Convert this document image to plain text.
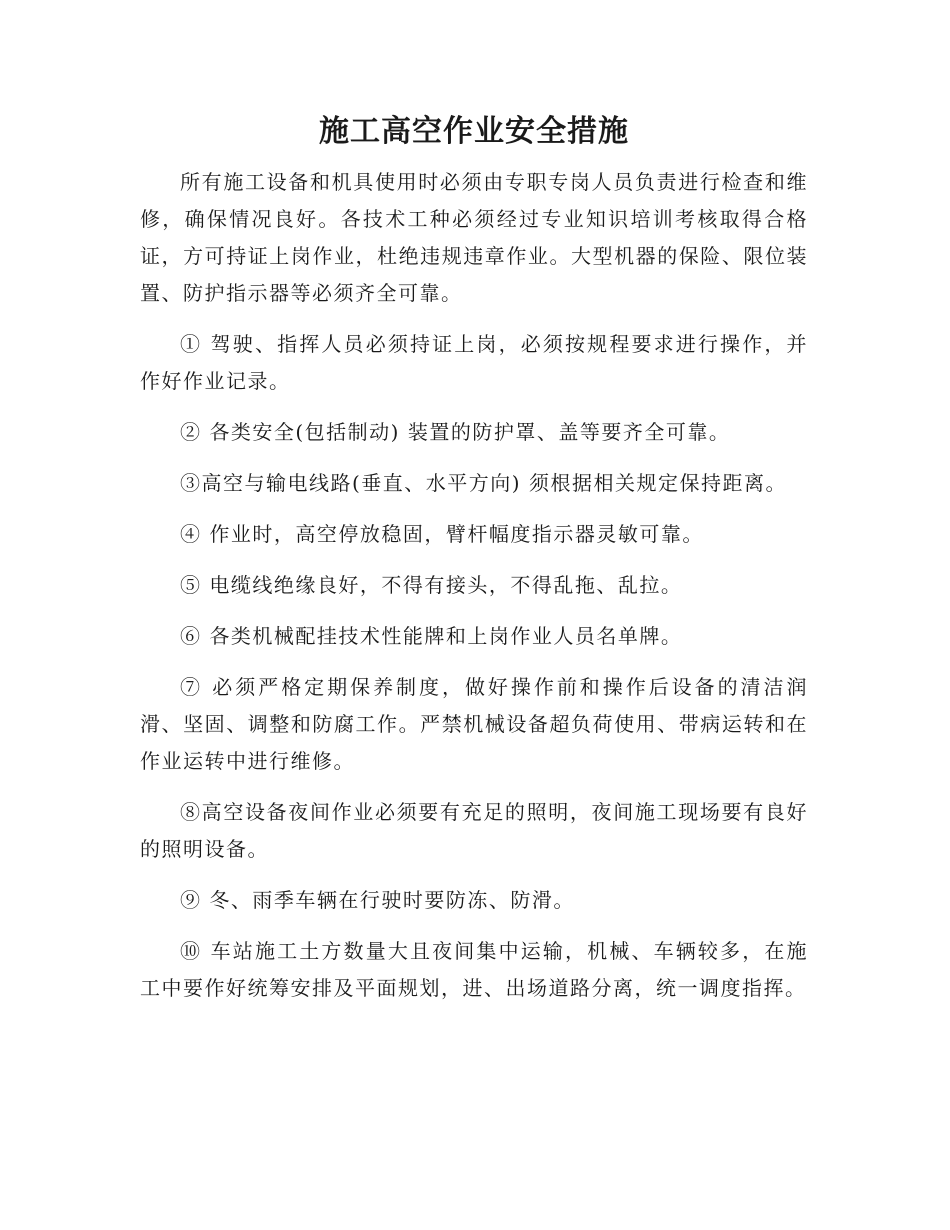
施工高空作业安全措施

所有施工设备和机具使用时必须由专职专岗人员负责进行检查和维修，确保情况良好。各技术工种必须经过专业知识培训考核取得合格证，方可持证上岗作业，杜绝违规违章作业。大型机器的保险、限位装置、防护指示器等必须齐全可靠。

① 驾驶、指挥人员必须持证上岗，必须按规程要求进行操作，并作好作业记录。

② 各类安全(包括制动) 装置的防护罩、盖等要齐全可靠。

③高空与输电线路(垂直、水平方向) 须根据相关规定保持距离。

④ 作业时，高空停放稳固，臂杆幅度指示器灵敏可靠。

⑤ 电缆线绝缘良好，不得有接头，不得乱拖、乱拉。

⑥ 各类机械配挂技术性能牌和上岗作业人员名单牌。

⑦ 必须严格定期保养制度，做好操作前和操作后设备的清洁润滑、坚固、调整和防腐工作。严禁机械设备超负荷使用、带病运转和在作业运转中进行维修。

⑧高空设备夜间作业必须要有充足的照明，夜间施工现场要有良好的照明设备。

⑨ 冬、雨季车辆在行驶时要防冻、防滑。

⑩ 车站施工土方数量大且夜间集中运输，机械、车辆较多，在施工中要作好统筹安排及平面规划，进、出场道路分离，统一调度指挥。
